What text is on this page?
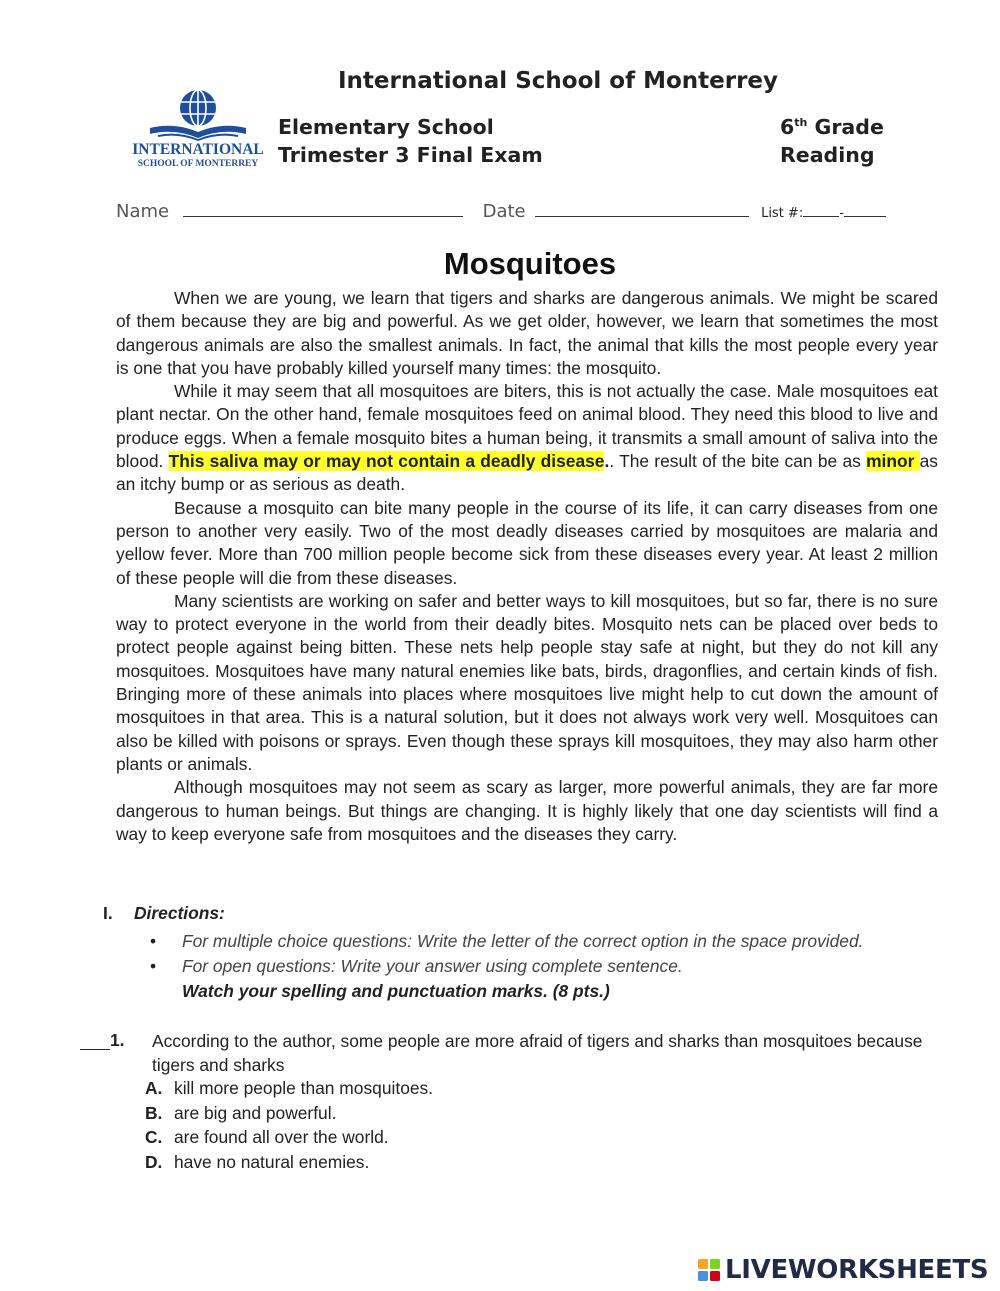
International School of Monterrey
INTERNATIONAL
SCHOOL OF MONTERREY
Elementary School
Trimester 3 Final Exam
6th Grade
Reading
Name	Date	List #:	-
Mosquitoes

When we are young, we learn that tigers and sharks are dangerous animals. We might be scared of them because they are big and powerful. As we get older, however, we learn that sometimes the most dangerous animals are also the smallest animals. In fact, the animal that kills the most people every year is one that you have probably killed yourself many times: the mosquito.

While it may seem that all mosquitoes are biters, this is not actually the case. Male mosquitoes eat plant nectar. On the other hand, female mosquitoes feed on animal blood. They need this blood to live and produce eggs. When a female mosquito bites a human being, it transmits a small amount of saliva into the blood. This saliva may or may not contain a deadly disease.. The result of the bite can be as minor as an itchy bump or as serious as death.

Because a mosquito can bite many people in the course of its life, it can carry diseases from one person to another very easily. Two of the most deadly diseases carried by mosquitoes are malaria and yellow fever. More than 700 million people become sick from these diseases every year. At least 2 million of these people will die from these diseases.

Many scientists are working on safer and better ways to kill mosquitoes, but so far, there is no sure way to protect everyone in the world from their deadly bites. Mosquito nets can be placed over beds to protect people against being bitten. These nets help people stay safe at night, but they do not kill any mosquitoes. Mosquitoes have many natural enemies like bats, birds, dragonflies, and certain kinds of fish. Bringing more of these animals into places where mosquitoes live might help to cut down the amount of mosquitoes in that area. This is a natural solution, but it does not always work very well. Mosquitoes can also be killed with poisons or sprays. Even though these sprays kill mosquitoes, they may also harm other plants or animals.

Although mosquitoes may not seem as scary as larger, more powerful animals, they are far more dangerous to human beings. But things are changing. It is highly likely that one day scientists will find a way to keep everyone safe from mosquitoes and the diseases they carry.

I. Directions:
• For multiple choice questions: Write the letter of the correct option in the space provided.
• For open questions: Write your answer using complete sentence.
Watch your spelling and punctuation marks. (8 pts.)
1. According to the author, some people are more afraid of tigers and sharks than mosquitoes because tigers and sharks
A. kill more people than mosquitoes.
B. are big and powerful.
C. are found all over the world.
D. have no natural enemies.
LIVEWORKSHEETS
